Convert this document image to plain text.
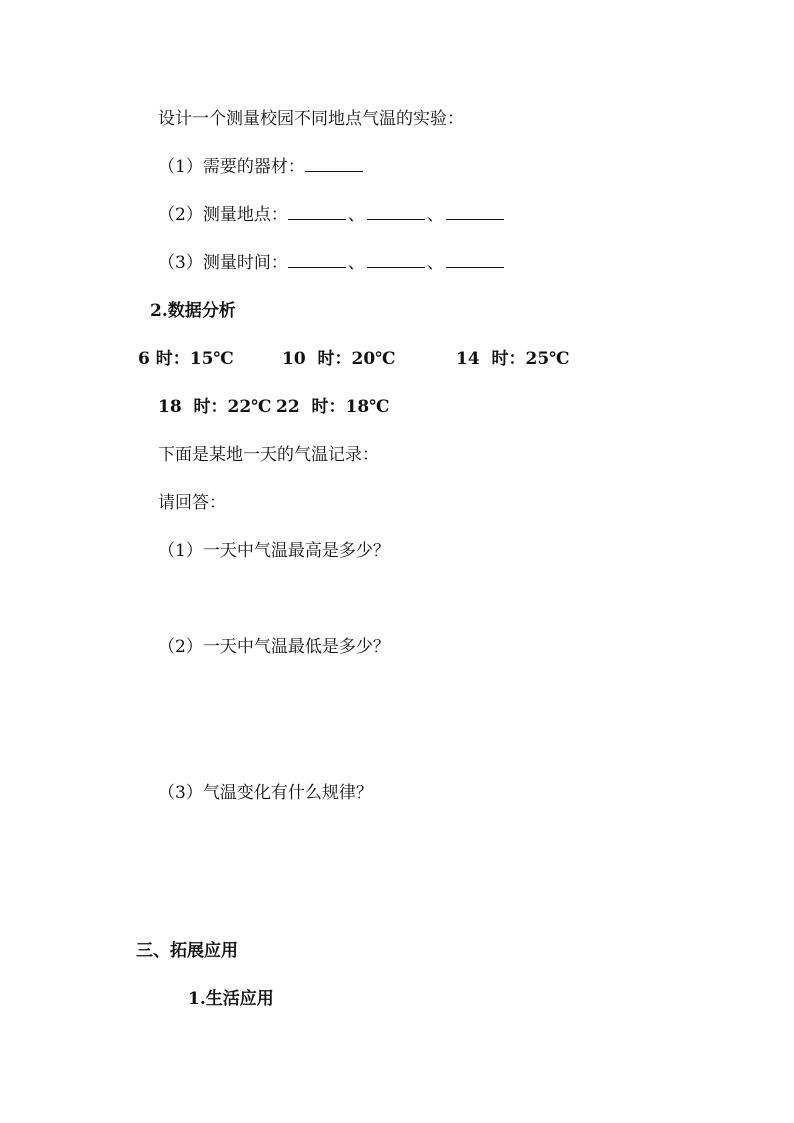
设计一个测量校园不同地点气温的实验：

（1）需要的器材：

（2）测量地点：	、	、

（3）测量时间：	、	、

2.数据分析

6 时：15℃	10  时：20℃	14  时：25℃
18  时：22℃ 22  时：18℃

下面是某地一天的气温记录：

请回答：

（1）一天中气温最高是多少？

（2）一天中气温最低是多少？

（3）气温变化有什么规律？

三、拓展应用

1.生活应用
